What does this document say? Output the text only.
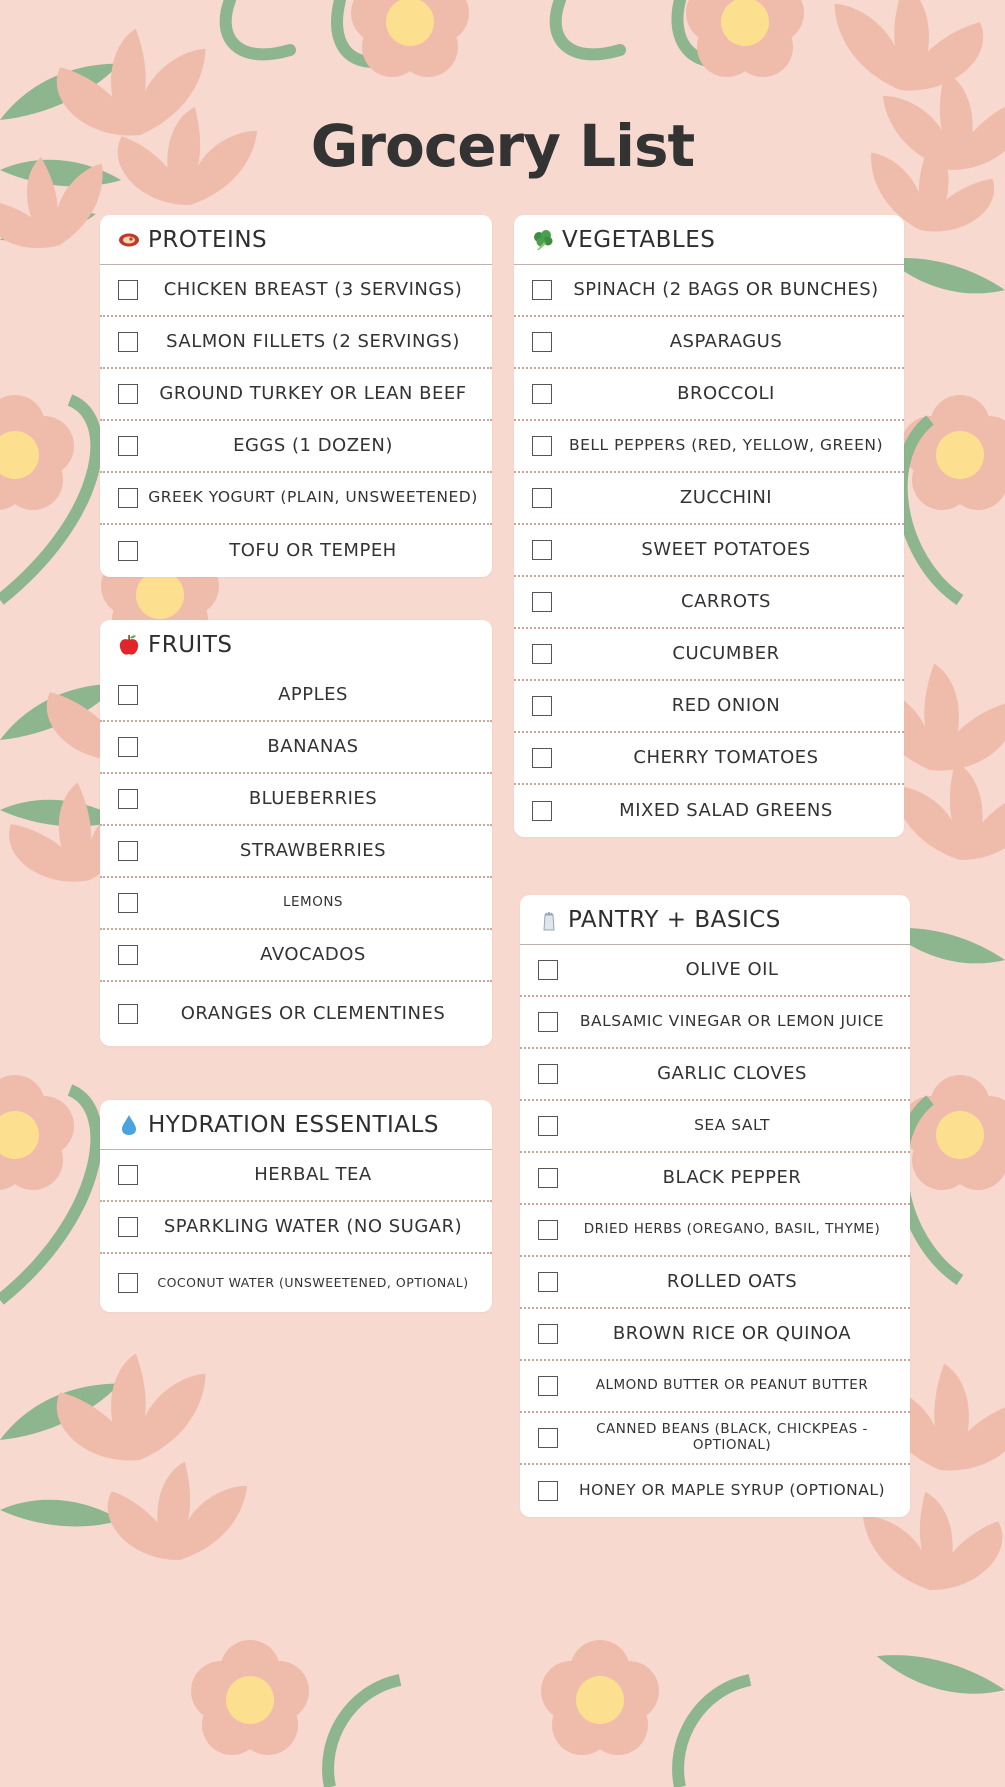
Grocery List
PROTEINS
CHICKEN BREAST (3 SERVINGS)
SALMON FILLETS (2 SERVINGS)
GROUND TURKEY OR LEAN BEEF
EGGS (1 DOZEN)
GREEK YOGURT (PLAIN, UNSWEETENED)
TOFU OR TEMPEH
FRUITS
APPLES
BANANAS
BLUEBERRIES
STRAWBERRIES
LEMONS
AVOCADOS
ORANGES OR CLEMENTINES
HYDRATION ESSENTIALS
HERBAL TEA
SPARKLING WATER (NO SUGAR)
COCONUT WATER (UNSWEETENED, OPTIONAL)
VEGETABLES
SPINACH (2 BAGS OR BUNCHES)
ASPARAGUS
BROCCOLI
BELL PEPPERS (RED, YELLOW, GREEN)
ZUCCHINI
SWEET POTATOES
CARROTS
CUCUMBER
RED ONION
CHERRY TOMATOES
MIXED SALAD GREENS
PANTRY + BASICS
OLIVE OIL
BALSAMIC VINEGAR OR LEMON JUICE
GARLIC CLOVES
SEA SALT
BLACK PEPPER
DRIED HERBS (OREGANO, BASIL, THYME)
ROLLED OATS
BROWN RICE OR QUINOA
ALMOND BUTTER OR PEANUT BUTTER
CANNED BEANS (BLACK, CHICKPEAS - OPTIONAL)
HONEY OR MAPLE SYRUP (OPTIONAL)
